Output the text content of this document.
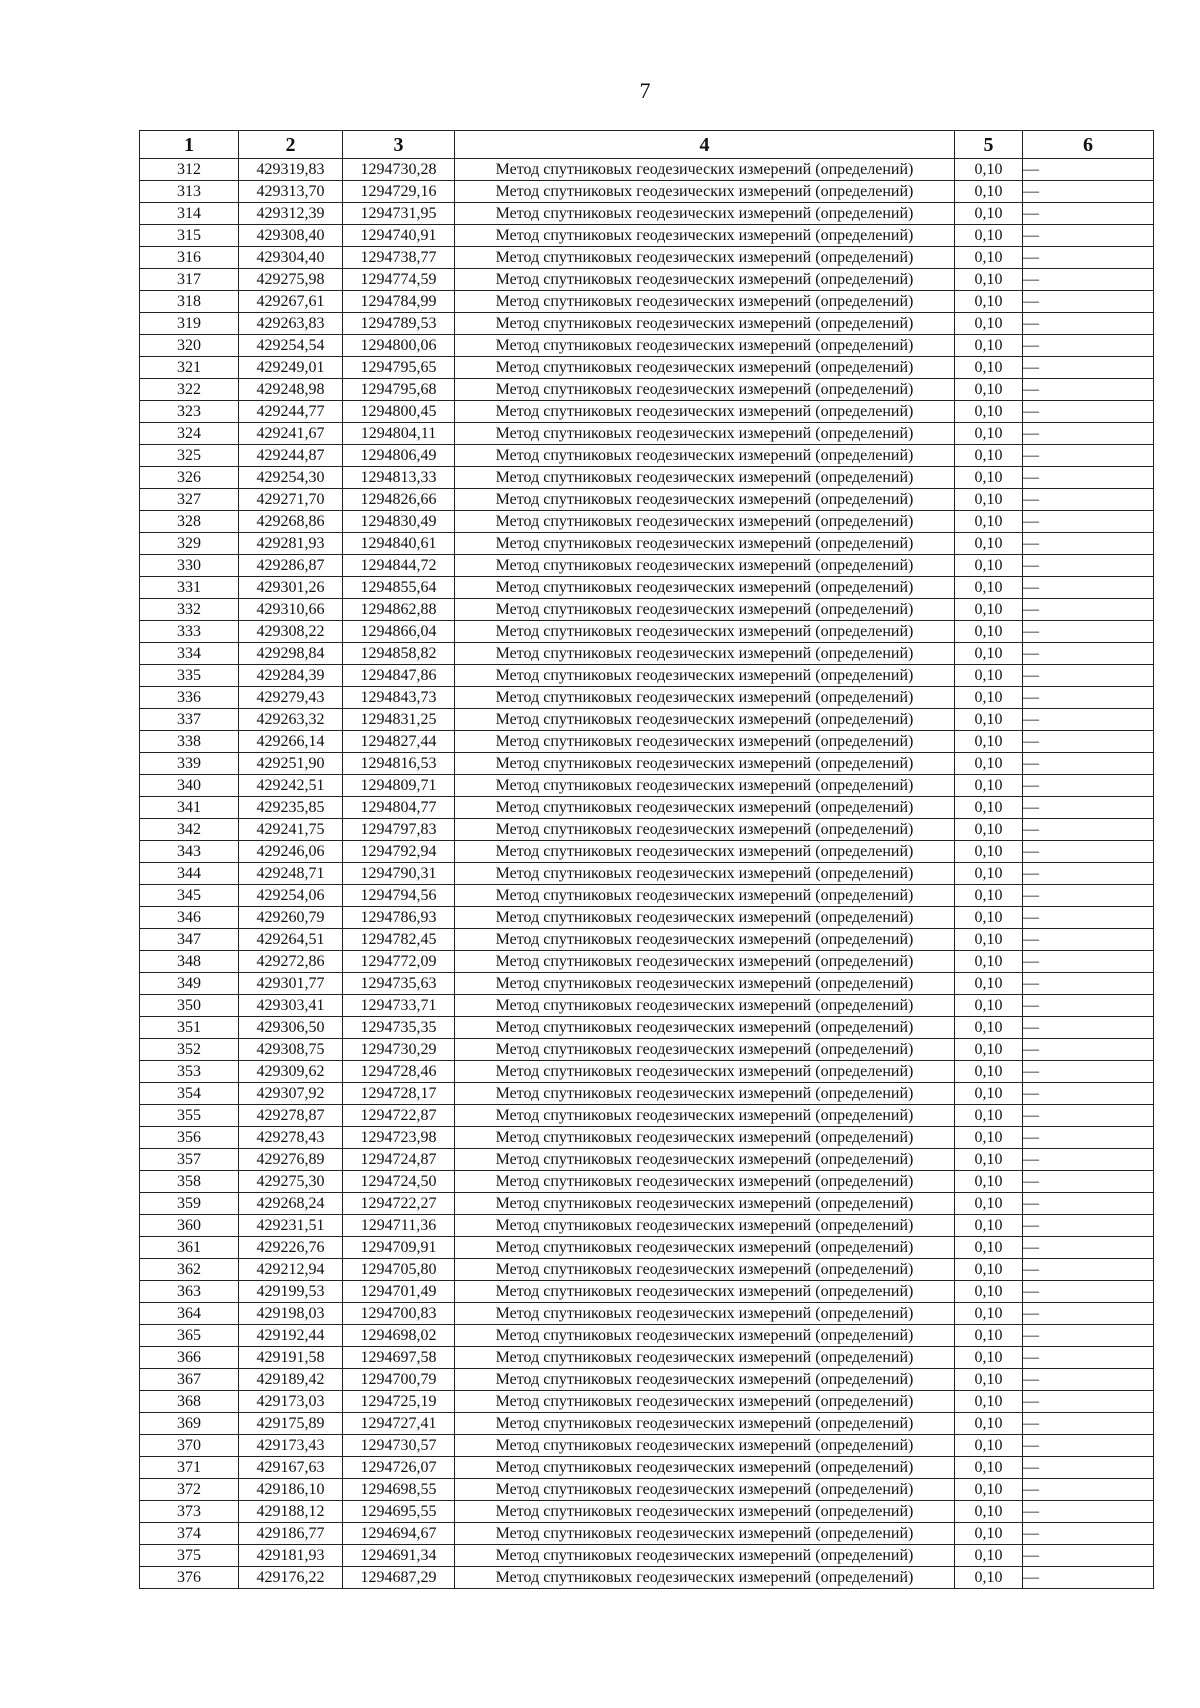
7
1	2	3	4	5	6
312	429319,83	1294730,28	Метод спутниковых геодезических измерений (определений)	0,10	—
313	429313,70	1294729,16	Метод спутниковых геодезических измерений (определений)	0,10	—
314	429312,39	1294731,95	Метод спутниковых геодезических измерений (определений)	0,10	—
315	429308,40	1294740,91	Метод спутниковых геодезических измерений (определений)	0,10	—
316	429304,40	1294738,77	Метод спутниковых геодезических измерений (определений)	0,10	—
317	429275,98	1294774,59	Метод спутниковых геодезических измерений (определений)	0,10	—
318	429267,61	1294784,99	Метод спутниковых геодезических измерений (определений)	0,10	—
319	429263,83	1294789,53	Метод спутниковых геодезических измерений (определений)	0,10	—
320	429254,54	1294800,06	Метод спутниковых геодезических измерений (определений)	0,10	—
321	429249,01	1294795,65	Метод спутниковых геодезических измерений (определений)	0,10	—
322	429248,98	1294795,68	Метод спутниковых геодезических измерений (определений)	0,10	—
323	429244,77	1294800,45	Метод спутниковых геодезических измерений (определений)	0,10	—
324	429241,67	1294804,11	Метод спутниковых геодезических измерений (определений)	0,10	—
325	429244,87	1294806,49	Метод спутниковых геодезических измерений (определений)	0,10	—
326	429254,30	1294813,33	Метод спутниковых геодезических измерений (определений)	0,10	—
327	429271,70	1294826,66	Метод спутниковых геодезических измерений (определений)	0,10	—
328	429268,86	1294830,49	Метод спутниковых геодезических измерений (определений)	0,10	—
329	429281,93	1294840,61	Метод спутниковых геодезических измерений (определений)	0,10	—
330	429286,87	1294844,72	Метод спутниковых геодезических измерений (определений)	0,10	—
331	429301,26	1294855,64	Метод спутниковых геодезических измерений (определений)	0,10	—
332	429310,66	1294862,88	Метод спутниковых геодезических измерений (определений)	0,10	—
333	429308,22	1294866,04	Метод спутниковых геодезических измерений (определений)	0,10	—
334	429298,84	1294858,82	Метод спутниковых геодезических измерений (определений)	0,10	—
335	429284,39	1294847,86	Метод спутниковых геодезических измерений (определений)	0,10	—
336	429279,43	1294843,73	Метод спутниковых геодезических измерений (определений)	0,10	—
337	429263,32	1294831,25	Метод спутниковых геодезических измерений (определений)	0,10	—
338	429266,14	1294827,44	Метод спутниковых геодезических измерений (определений)	0,10	—
339	429251,90	1294816,53	Метод спутниковых геодезических измерений (определений)	0,10	—
340	429242,51	1294809,71	Метод спутниковых геодезических измерений (определений)	0,10	—
341	429235,85	1294804,77	Метод спутниковых геодезических измерений (определений)	0,10	—
342	429241,75	1294797,83	Метод спутниковых геодезических измерений (определений)	0,10	—
343	429246,06	1294792,94	Метод спутниковых геодезических измерений (определений)	0,10	—
344	429248,71	1294790,31	Метод спутниковых геодезических измерений (определений)	0,10	—
345	429254,06	1294794,56	Метод спутниковых геодезических измерений (определений)	0,10	—
346	429260,79	1294786,93	Метод спутниковых геодезических измерений (определений)	0,10	—
347	429264,51	1294782,45	Метод спутниковых геодезических измерений (определений)	0,10	—
348	429272,86	1294772,09	Метод спутниковых геодезических измерений (определений)	0,10	—
349	429301,77	1294735,63	Метод спутниковых геодезических измерений (определений)	0,10	—
350	429303,41	1294733,71	Метод спутниковых геодезических измерений (определений)	0,10	—
351	429306,50	1294735,35	Метод спутниковых геодезических измерений (определений)	0,10	—
352	429308,75	1294730,29	Метод спутниковых геодезических измерений (определений)	0,10	—
353	429309,62	1294728,46	Метод спутниковых геодезических измерений (определений)	0,10	—
354	429307,92	1294728,17	Метод спутниковых геодезических измерений (определений)	0,10	—
355	429278,87	1294722,87	Метод спутниковых геодезических измерений (определений)	0,10	—
356	429278,43	1294723,98	Метод спутниковых геодезических измерений (определений)	0,10	—
357	429276,89	1294724,87	Метод спутниковых геодезических измерений (определений)	0,10	—
358	429275,30	1294724,50	Метод спутниковых геодезических измерений (определений)	0,10	—
359	429268,24	1294722,27	Метод спутниковых геодезических измерений (определений)	0,10	—
360	429231,51	1294711,36	Метод спутниковых геодезических измерений (определений)	0,10	—
361	429226,76	1294709,91	Метод спутниковых геодезических измерений (определений)	0,10	—
362	429212,94	1294705,80	Метод спутниковых геодезических измерений (определений)	0,10	—
363	429199,53	1294701,49	Метод спутниковых геодезических измерений (определений)	0,10	—
364	429198,03	1294700,83	Метод спутниковых геодезических измерений (определений)	0,10	—
365	429192,44	1294698,02	Метод спутниковых геодезических измерений (определений)	0,10	—
366	429191,58	1294697,58	Метод спутниковых геодезических измерений (определений)	0,10	—
367	429189,42	1294700,79	Метод спутниковых геодезических измерений (определений)	0,10	—
368	429173,03	1294725,19	Метод спутниковых геодезических измерений (определений)	0,10	—
369	429175,89	1294727,41	Метод спутниковых геодезических измерений (определений)	0,10	—
370	429173,43	1294730,57	Метод спутниковых геодезических измерений (определений)	0,10	—
371	429167,63	1294726,07	Метод спутниковых геодезических измерений (определений)	0,10	—
372	429186,10	1294698,55	Метод спутниковых геодезических измерений (определений)	0,10	—
373	429188,12	1294695,55	Метод спутниковых геодезических измерений (определений)	0,10	—
374	429186,77	1294694,67	Метод спутниковых геодезических измерений (определений)	0,10	—
375	429181,93	1294691,34	Метод спутниковых геодезических измерений (определений)	0,10	—
376	429176,22	1294687,29	Метод спутниковых геодезических измерений (определений)	0,10	—
